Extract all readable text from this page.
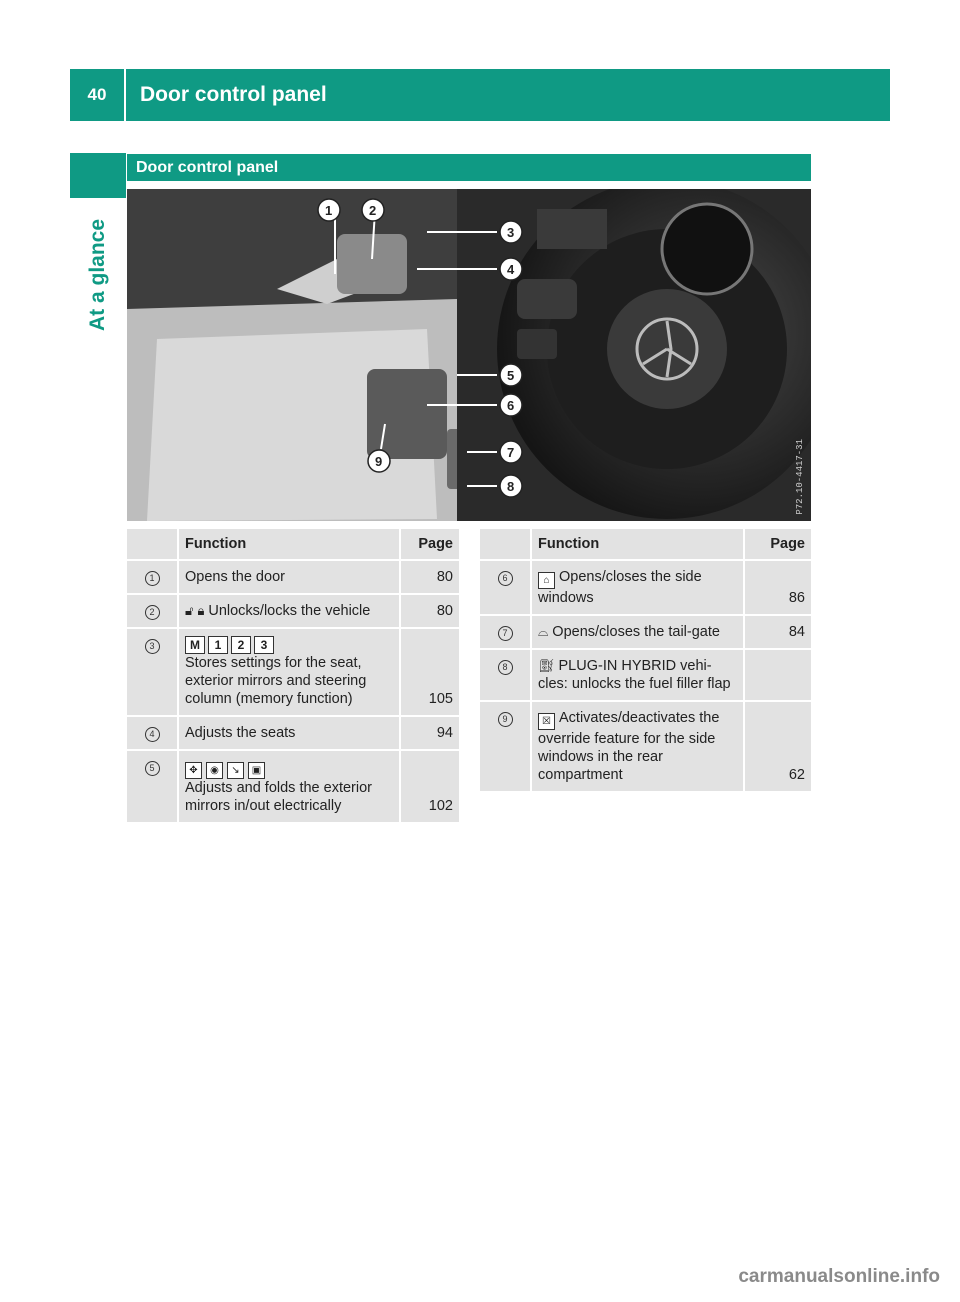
40	Door control panel
At a glance
Door control panel
1	2
3
4
5
6
7
8
9	P72.10-4417-31
	Function	Page
1	Opens the door	80
2	🔓︎ 🔒︎ Unlocks/locks the vehicle	80
3	M 1 2 3
Stores settings for the seat, exterior mirrors and steering column (memory function)	105
4	Adjusts the seats	94
5	✥ ◉ ↘ ▣
Adjusts and folds the exterior mirrors in/out electrically	102
	Function	Page
6	⌂ Opens/closes the side windows	86
7	⌓ Opens/closes the tail-gate	84
8	⛽︎ PLUG-IN HYBRID vehi-cles: unlocks the fuel filler flap	
9	☒ Activates/deactivates the override feature for the side windows in the rear compartment	62
carmanualsonline.info
